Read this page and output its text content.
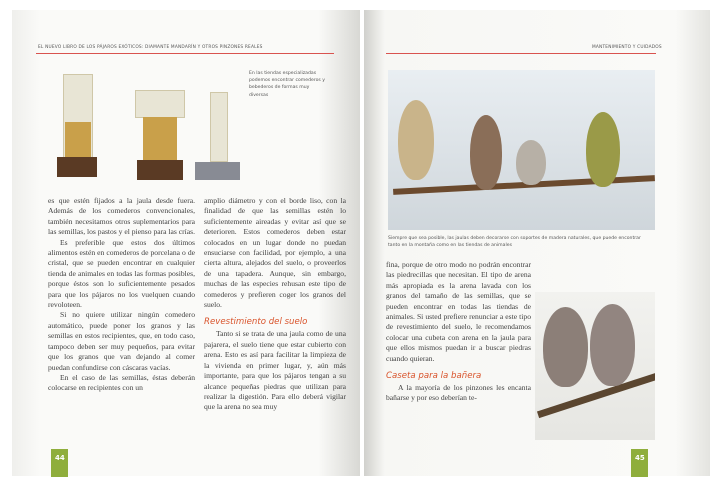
EL NUEVO LIBRO DE LOS PÁJAROS EXÓTICOS: DIAMANTE MANDARÍN Y OTROS PINZONES REALES
En las tiendas especializadas podemos encontrar comederos y bebederos de formas muy diversas

es que estén fijados a la jaula desde fuera. Además de los comederos convencionales, también necesitamos otros suplementarios para las semillas, los pastos y el pienso para las crías.

Es preferible que estos dos últimos alimentos estén en comederos de porcelana o de cristal, que se pueden encontrar en cualquier tienda de animales en todas las formas posibles, porque éstos son lo suficientemente pesados para que los pájaros no los vuelquen cuando revoloteen.

Si no quiere utilizar ningún comedero automático, puede poner los granos y las semillas en estos recipientes, que, en todo caso, tampoco deben ser muy pequeños, para evitar que los granos que van dejando al comer puedan confundirse con cáscaras vacías.

En el caso de las semillas, éstas deberán colocarse en recipientes con un

amplio diámetro y con el borde liso, con la finalidad de que las semillas estén lo suficientemente aireadas y evitar así que se deterioren. Estos comederos deben estar colocados en un lugar donde no puedan ensuciarse con facilidad, por ejemplo, a una cierta altura, alejados del suelo, o proveerlos de una tapadera. Aunque, sin embargo, muchas de las especies rehusan este tipo de comederos y prefieren coger los granos del suelo.

Revestimiento del suelo

Tanto si se trata de una jaula como de una pajarera, el suelo tiene que estar cubierto con arena. Esto es así para facilitar la limpieza de la vivienda en primer lugar, y, aún más importante, para que los pájaros tengan a su alcance pequeñas piedras que utilizan para realizar la digestión. Para ello deberá vigilar que la arena no sea muy

44
MANTENIMIENTO Y CUIDADOS
Siempre que sea posible, las jaulas deben decorarse con soportes de madera naturales, que puede encontrar tanto en la montaña como en las tiendas de animales

fina, porque de otro modo no podrán encontrar las piedrecillas que necesitan. El tipo de arena más apropiada es la arena lavada con los granos del tamaño de las semillas, que se pueden encontrar en todas las tiendas de animales. Si usted prefiere renunciar a este tipo de revestimiento del suelo, le recomendamos colocar una cubeta con arena en la jaula para que ellos mismos puedan ir a buscar piedras cuando quieran.

Caseta para la bañera

A la mayoría de los pinzones les encanta bañarse y por eso deberían te-

45
